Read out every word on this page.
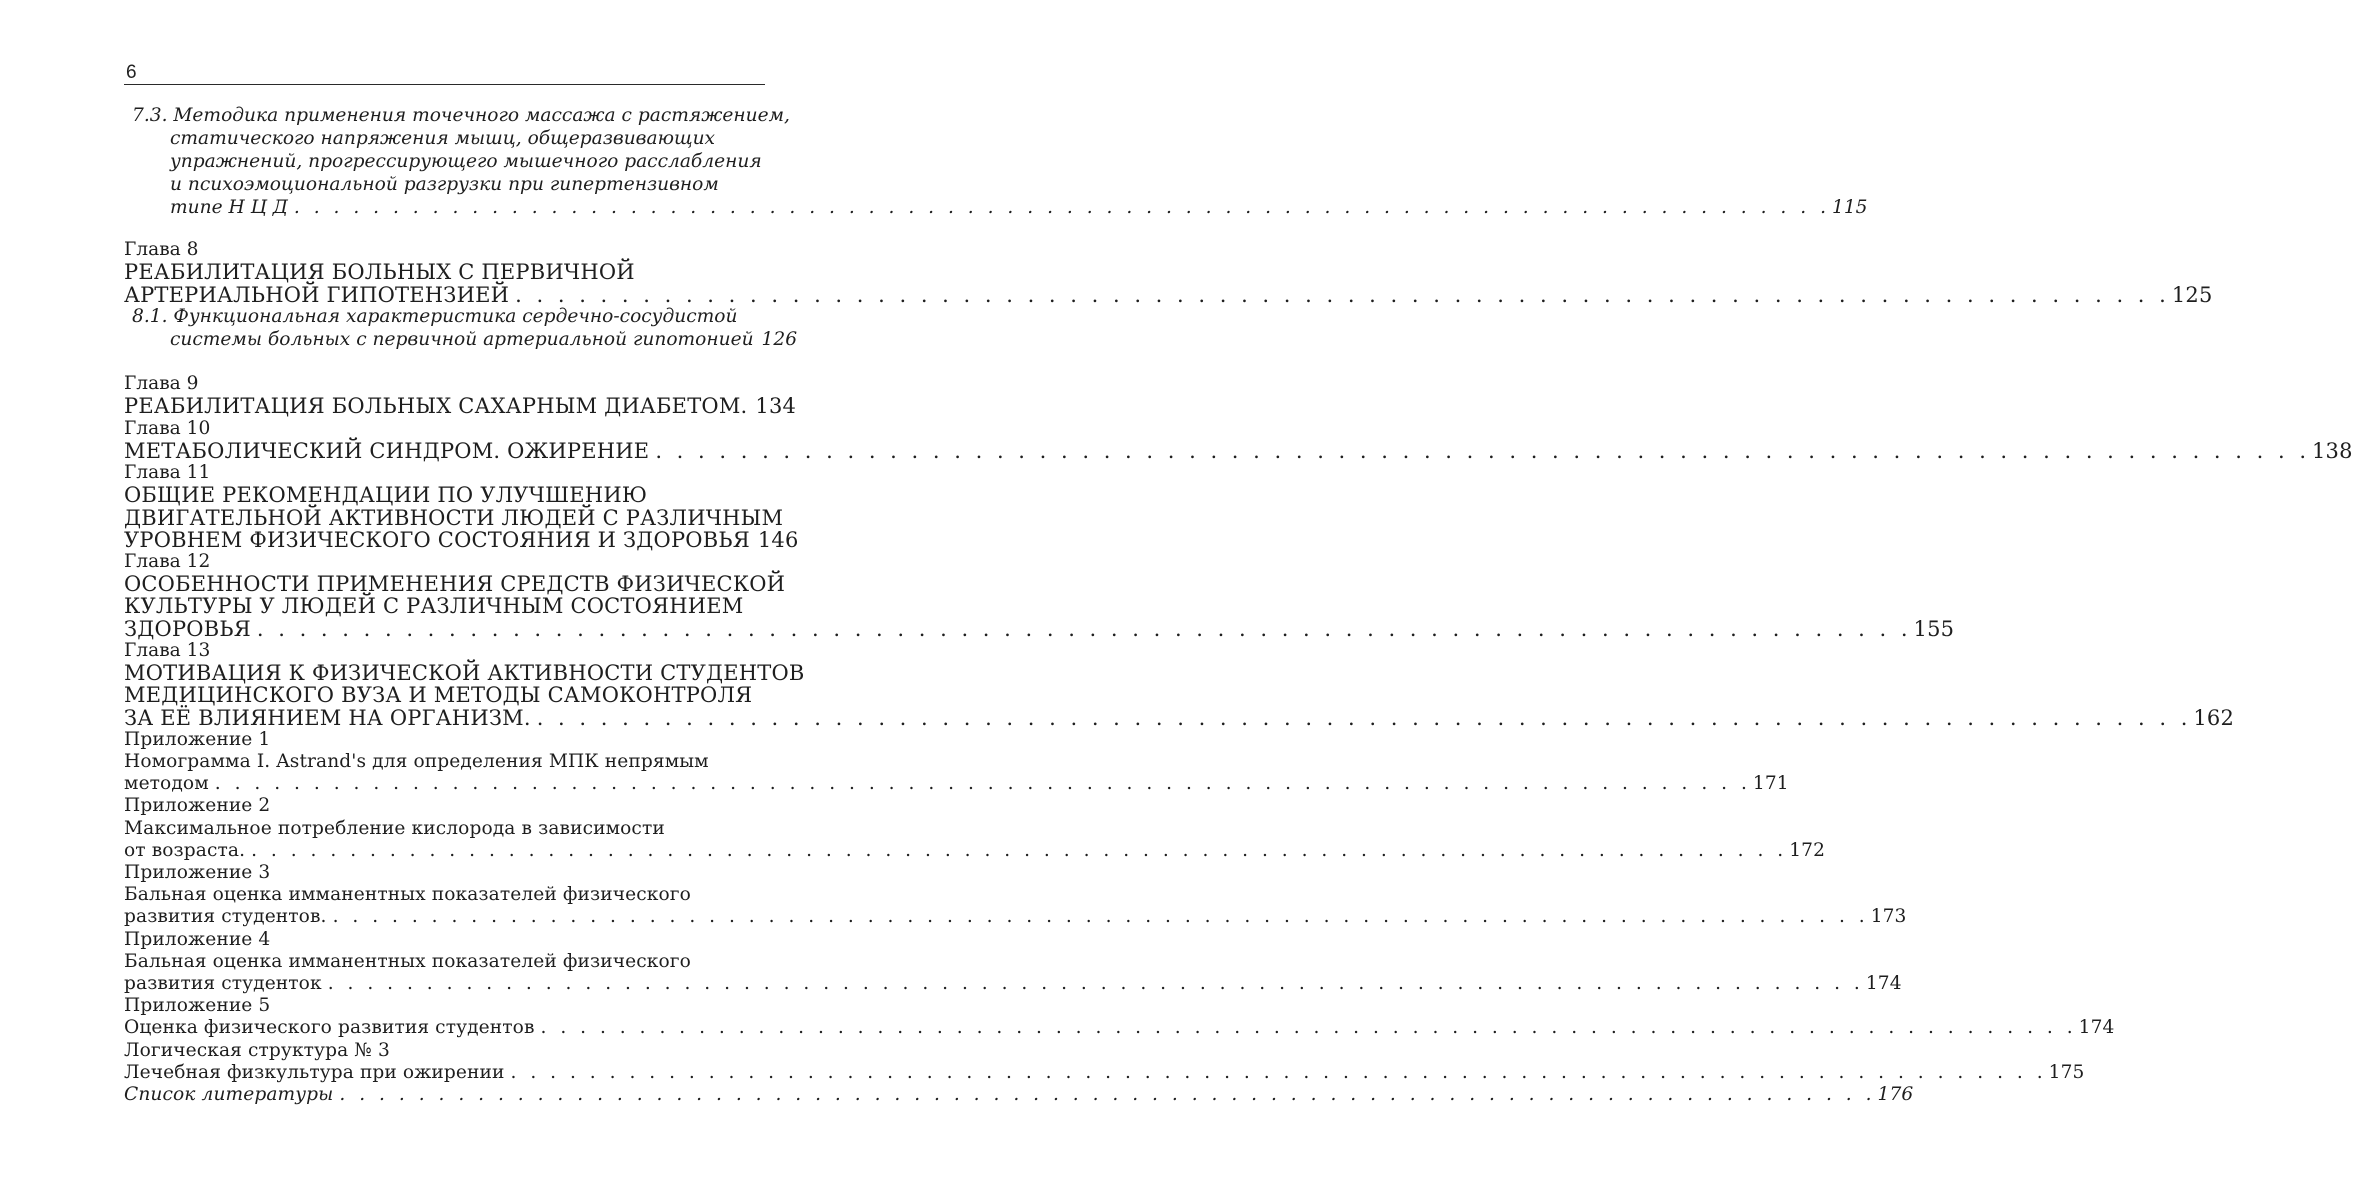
6
7.3. Методика применения точечного массажа с растяжением,
статического напряжения мышц, общеразвивающих
упражнений, прогрессирующего мышечного расслабления
и психоэмоциональной разгрузки при гипертензивном
типе Н Ц Д . . . . . . . . . . . . . . . . . . . . . . . . . . . . . . . . . . . . . . . . . . . . . . . . . . . . . . . . . . . . . . . . . . . . . . . . . . . . . . 115
Глава 8
РЕАБИЛИТАЦИЯ БОЛЬНЫХ С ПЕРВИЧНОЙ
АРТЕРИАЛЬНОЙ ГИПОТЕНЗИЕЙ . . . . . . . . . . . . . . . . . . . . . . . . . . . . . . . . . . . . . . . . . . . . . . . . . . . . . . . . . . . . . . . . . . . . . . . . . . . . . . 125
8.1. Функциональная характеристика сердечно-сосудистой
системы больных с первичной артериальной гипотонией 126
Глава 9
РЕАБИЛИТАЦИЯ БОЛЬНЫХ САХАРНЫМ ДИАБЕТОМ. 134
Глава 10
МЕТАБОЛИЧЕСКИЙ СИНДРОМ. ОЖИРЕНИЕ . . . . . . . . . . . . . . . . . . . . . . . . . . . . . . . . . . . . . . . . . . . . . . . . . . . . . . . . . . . . . . . . . . . . . . . . . . . . . . 138
Глава 11
ОБЩИЕ РЕКОМЕНДАЦИИ ПО УЛУЧШЕНИЮ
ДВИГАТЕЛЬНОЙ АКТИВНОСТИ ЛЮДЕЙ С РАЗЛИЧНЫМ
УРОВНЕМ ФИЗИЧЕСКОГО СОСТОЯНИЯ И ЗДОРОВЬЯ 146
Глава 12
ОСОБЕННОСТИ ПРИМЕНЕНИЯ СРЕДСТВ ФИЗИЧЕСКОЙ
КУЛЬТУРЫ У ЛЮДЕЙ С РАЗЛИЧНЫМ СОСТОЯНИЕМ
ЗДОРОВЬЯ . . . . . . . . . . . . . . . . . . . . . . . . . . . . . . . . . . . . . . . . . . . . . . . . . . . . . . . . . . . . . . . . . . . . . . . . . . . . . . 155
Глава 13
МОТИВАЦИЯ К ФИЗИЧЕСКОЙ АКТИВНОСТИ СТУДЕНТОВ
МЕДИЦИНСКОГО ВУЗА И МЕТОДЫ САМОКОНТРОЛЯ
ЗА ЕЁ ВЛИЯНИЕМ НА ОРГАНИЗМ. . . . . . . . . . . . . . . . . . . . . . . . . . . . . . . . . . . . . . . . . . . . . . . . . . . . . . . . . . . . . . . . . . . . . . . . . . . . . . . 162
Приложение 1
Номограмма I. Astrand's для определения МПК непрямым
методом . . . . . . . . . . . . . . . . . . . . . . . . . . . . . . . . . . . . . . . . . . . . . . . . . . . . . . . . . . . . . . . . . . . . . . . . . . . . . . 171
Приложение 2
Максимальное потребление кислорода в зависимости
от возраста. . . . . . . . . . . . . . . . . . . . . . . . . . . . . . . . . . . . . . . . . . . . . . . . . . . . . . . . . . . . . . . . . . . . . . . . . . . . . . . 172
Приложение 3
Бальная оценка имманентных показателей физического
развития студентов. . . . . . . . . . . . . . . . . . . . . . . . . . . . . . . . . . . . . . . . . . . . . . . . . . . . . . . . . . . . . . . . . . . . . . . . . . . . . . . 173
Приложение 4
Бальная оценка имманентных показателей физического
развития студенток . . . . . . . . . . . . . . . . . . . . . . . . . . . . . . . . . . . . . . . . . . . . . . . . . . . . . . . . . . . . . . . . . . . . . . . . . . . . . . 174
Приложение 5
Оценка физического развития студентов . . . . . . . . . . . . . . . . . . . . . . . . . . . . . . . . . . . . . . . . . . . . . . . . . . . . . . . . . . . . . . . . . . . . . . . . . . . . . . 174
Логическая структура № 3
Лечебная физкультура при ожирении . . . . . . . . . . . . . . . . . . . . . . . . . . . . . . . . . . . . . . . . . . . . . . . . . . . . . . . . . . . . . . . . . . . . . . . . . . . . . . 175
Список литературы . . . . . . . . . . . . . . . . . . . . . . . . . . . . . . . . . . . . . . . . . . . . . . . . . . . . . . . . . . . . . . . . . . . . . . . . . . . . . . 176
